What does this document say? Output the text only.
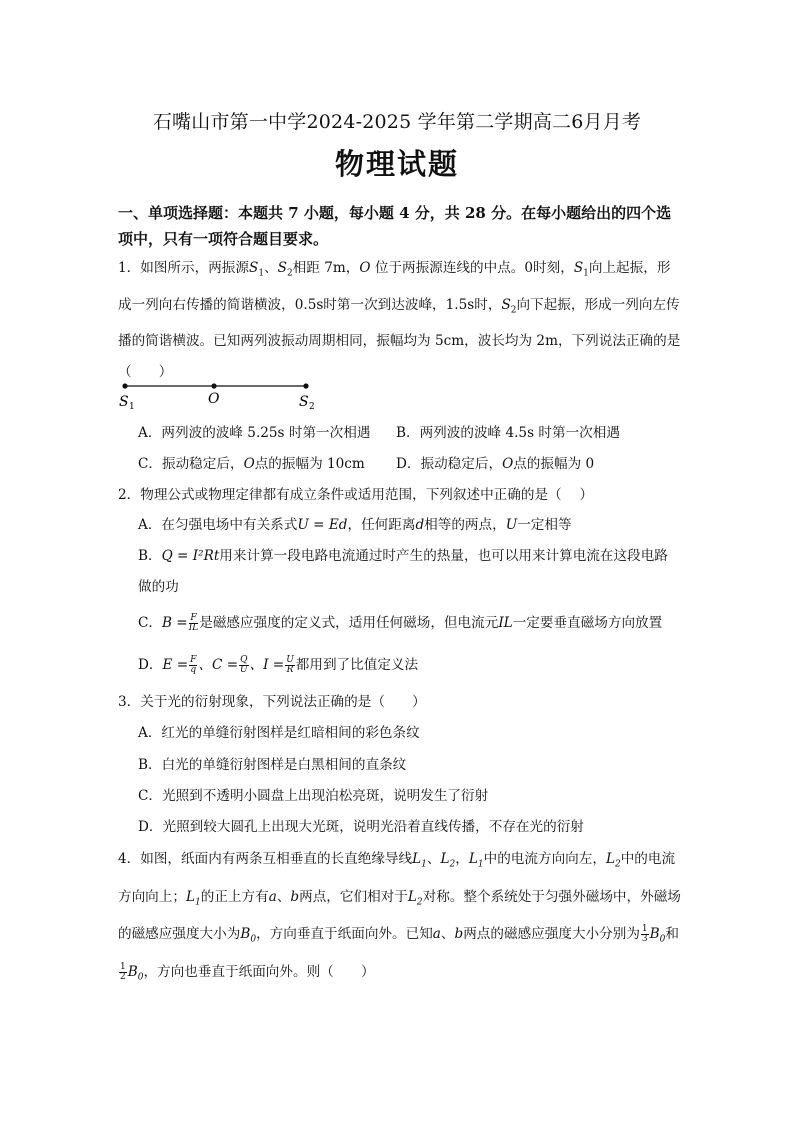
石嘴山市第一中学2024-2025 学年第二学期高二6月月考
物理试题
一、单项选择题：本题共 7 小题，每小题 4 分，共 28 分。在每小题给出的四个选项中，只有一项符合题目要求。
1．如图所示，两振源$S_1$、$S_2$相距 7m，O 位于两振源连线的中点。0时刻，$S_1$向上起振，形成一列向右传播的简谐横波，0.5s时第一次到达波峰，1.5s时，$S_2$向下起振，形成一列向左传播的简谐横波。已知两列波振动周期相同，振幅均为 5cm，波长均为 2m，下列说法正确的是（　　）
S 1	O	S 2
A．两列波的波峰 5.25s 时第一次相遇 B．两列波的波峰 4.5s 时第一次相遇
C．振动稳定后，O点的振幅为 10cm D．振动稳定后，O点的振幅为 0
2．物理公式或物理定律都有成立条件或适用范围，下列叙述中正确的是（　 ）
A．在匀强电场中有关系式U = Ed，任何距离d相等的两点，U一定相等
B．Q = I²Rt用来计算一段电路电流通过时产生的热量，也可以用来计算电流在这段电路
做的功
C．$B = \frac{F}{IL}$ 是磁感应强度的定义式，适用任何磁场，但电流元IL一定要垂直磁场方向放置
D．$E = \frac{F}{q}$ 、$C = \frac{Q}{U}$ 、$I = \frac{U}{R}$ 都用到了比值定义法
3．关于光的衍射现象，下列说法正确的是（　　）
A．红光的单缝衍射图样是红暗相间的彩色条纹
B．白光的单缝衍射图样是白黑相间的直条纹
C．光照到不透明小圆盘上出现泊松亮斑，说明发生了衍射
D．光照到较大圆孔上出现大光斑，说明光沿着直线传播，不存在光的衍射
4．如图，纸面内有两条互相垂直的长直绝缘导线$L_1$、$L_2$，$L_1$中的电流方向向左，$L_2$中的电流方向向上；$L_1$的正上方有a、b两点，它们相对于$L_2$对称。整个系统处于匀强外磁场中，外磁场的磁感应强度大小为$B_0$，方向垂直于纸面向外。已知a、b两点的磁感应强度大小分别为 $\frac{1}{3} B_0$和
$\frac{1}{2} B_0$，方向也垂直于纸面向外。则（　　）
